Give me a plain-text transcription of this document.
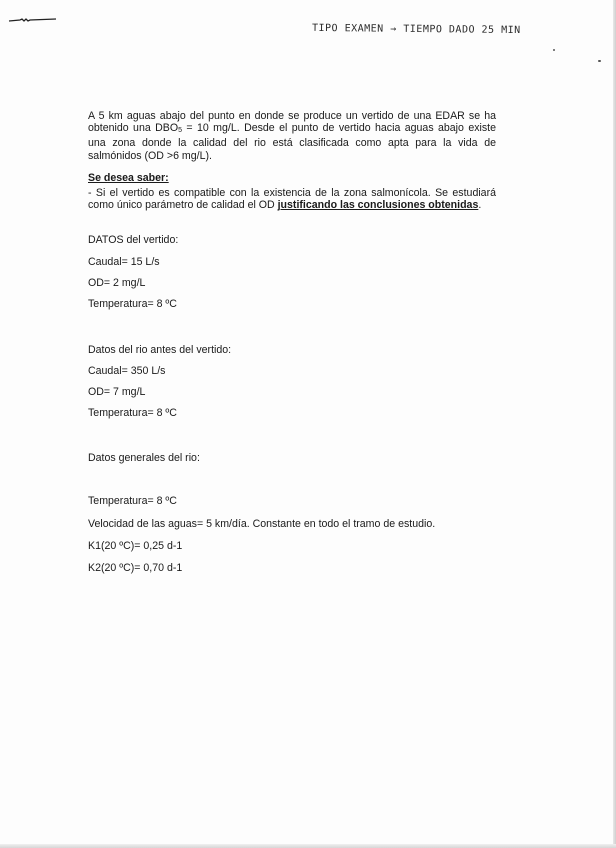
TIPO EXAMEN → TIEMPO DADO 25 MIN

A 5 km aguas abajo del punto en donde se produce un vertido de una EDAR se ha obtenido una $DBO_5 = 10$ mg/L. Desde el punto de vertido hacia aguas abajo existe una zona donde la calidad del rio está clasificada como apta para la vida de salmónidos (OD >6 mg/L).

Se desea saber:

- Si el vertido es compatible con la existencia de la zona salmonícola. Se estudiará como único parámetro de calidad el OD justificando las conclusiones obtenidas.

DATOS del vertido:
Caudal= 15 L/s
OD= 2 mg/L
Temperatura= 8 ºC
Datos del rio antes del vertido:
Caudal= 350 L/s
OD= 7 mg/L
Temperatura= 8 ºC
Datos generales del rio:
Temperatura= 8 ºC
Velocidad de las aguas= 5 km/día. Constante en todo el tramo de estudio.
K1(20 ºC)= 0,25 d-1
K2(20 ºC)= 0,70 d-1
